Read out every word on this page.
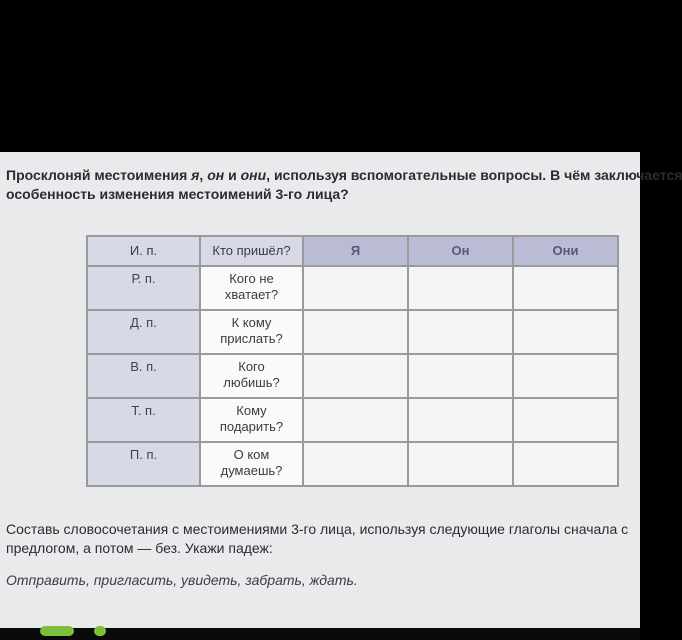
Просклоняй местоимения я, он и они, используя вспомогательные вопросы. В чём заключается
особенность изменения местоимений 3-го лица?
И. п.	Кто пришёл?	Я	Он	Они
Р. п.	Кого не
хватает?			
Д. п.	К кому
прислать?			
В. п.	Кого
любишь?			
Т. п.	Кому
подарить?			
П. п.	О ком
думаешь?			
Составь словосочетания с местоимениями 3-го лица, используя следующие глаголы сначала с
предлогом, а потом — без. Укажи падеж:
Отправить, пригласить, увидеть, забрать, ждать.
